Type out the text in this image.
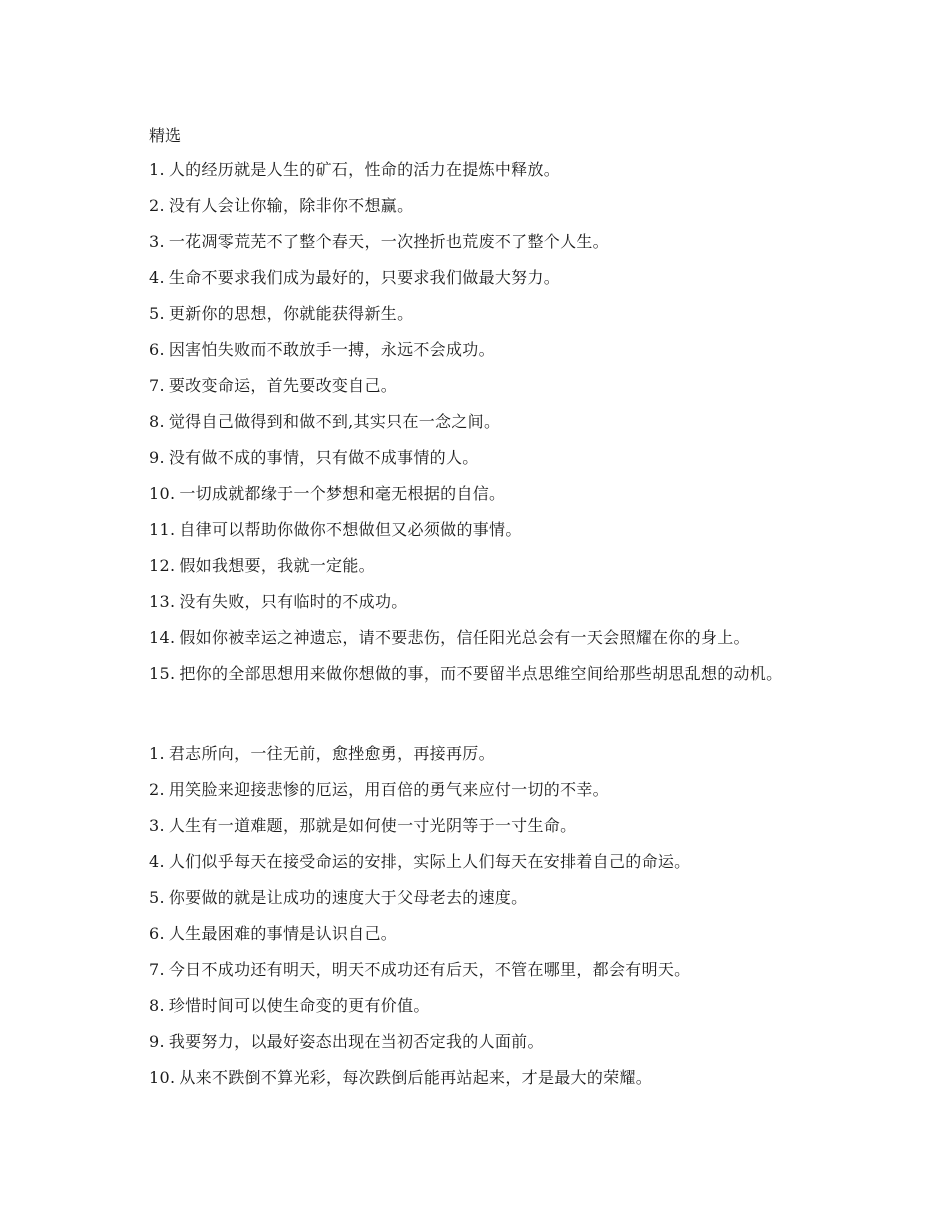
精选
1. 人的经历就是人生的矿石，性命的活力在提炼中释放。
2. 没有人会让你输，除非你不想赢。
3. 一花凋零荒芜不了整个春天，一次挫折也荒废不了整个人生。
4. 生命不要求我们成为最好的，只要求我们做最大努力。
5. 更新你的思想，你就能获得新生。
6. 因害怕失败而不敢放手一搏，永远不会成功。
7. 要改变命运，首先要改变自己。
8. 觉得自己做得到和做不到,其实只在一念之间。
9. 没有做不成的事情，只有做不成事情的人。
10. 一切成就都缘于一个梦想和毫无根据的自信。
11. 自律可以帮助你做你不想做但又必须做的事情。
12. 假如我想要，我就一定能。
13. 没有失败，只有临时的不成功。
14. 假如你被幸运之神遗忘，请不要悲伤，信任阳光总会有一天会照耀在你的身上。
15. 把你的全部思想用来做你想做的事，而不要留半点思维空间给那些胡思乱想的动机。
1. 君志所向，一往无前，愈挫愈勇，再接再厉。
2. 用笑脸来迎接悲惨的厄运，用百倍的勇气来应付一切的不幸。
3. 人生有一道难题，那就是如何使一寸光阴等于一寸生命。
4. 人们似乎每天在接受命运的安排，实际上人们每天在安排着自己的命运。
5. 你要做的就是让成功的速度大于父母老去的速度。
6. 人生最困难的事情是认识自己。
7. 今日不成功还有明天，明天不成功还有后天，不管在哪里，都会有明天。
8. 珍惜时间可以使生命变的更有价值。
9. 我要努力，以最好姿态出现在当初否定我的人面前。
10. 从来不跌倒不算光彩，每次跌倒后能再站起来，才是最大的荣耀。
